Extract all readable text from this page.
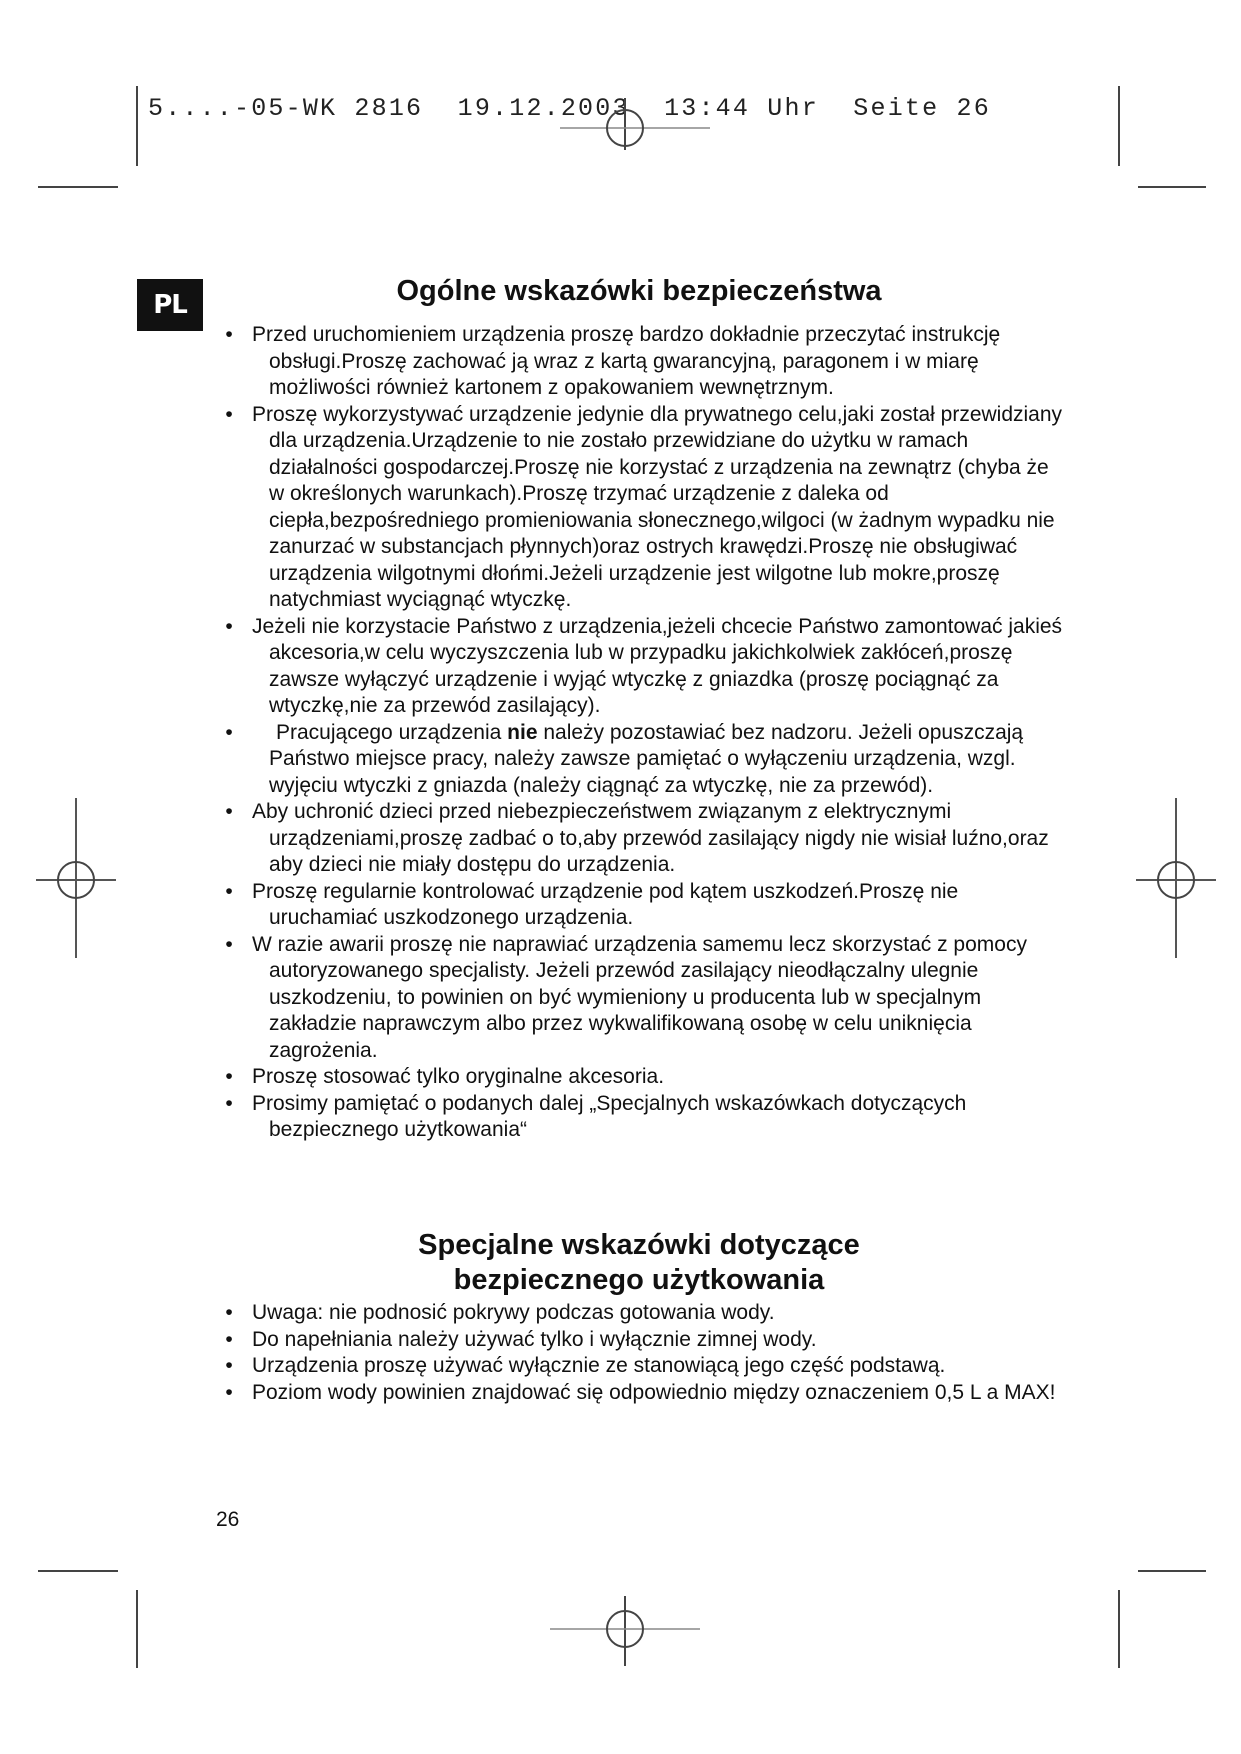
5....-05-WK 2816  19.12.2003  13:44 Uhr  Seite 26
PL	Ogólne wskazówki bezpieczeństwa
• Przed uruchomieniem urządzenia proszę bardzo dokładnie przeczytać instrukcję obsługi.Proszę zachować ją wraz z kartą gwarancyjną, paragonem i w miarę możliwości również kartonem z opakowaniem wewnętrznym.
• Proszę wykorzystywać urządzenie jedynie dla prywatnego celu,jaki został przewidziany dla urządzenia.Urządzenie to nie zostało przewidziane do użytku w ramach działalności gospodarczej.Proszę nie korzystać z urządzenia na zewnątrz (chyba że w określonych warunkach).Proszę trzymać urządzenie z daleka od ciepła,bezpośredniego promieniowania słonecznego,wilgoci (w żadnym wypadku nie zanurzać w substancjach płynnych)oraz ostrych krawędzi.Proszę nie obsługiwać urządzenia wilgotnymi dłońmi.Jeżeli urządzenie jest wilgotne lub mokre,proszę natychmiast wyciągnąć wtyczkę.
• Jeżeli nie korzystacie Państwo z urządzenia,jeżeli chcecie Państwo zamontować jakieś akcesoria,w celu wyczyszczenia lub w przypadku jakichkolwiek zakłóceń,proszę zawsze wyłączyć urządzenie i wyjąć wtyczkę z gniazdka (proszę pociągnąć za wtyczkę,nie za przewód zasilający).
•	Pracującego urządzenia nie należy pozostawiać bez nadzoru. Jeżeli opuszczają Państwo miejsce pracy, należy zawsze pamiętać o wyłączeniu urządzenia, wzgl. wyjęciu wtyczki z gniazda (należy ciągnąć za wtyczkę, nie za przewód).
• Aby uchronić dzieci przed niebezpieczeństwem związanym z elektrycznymi urządzeniami,proszę zadbać o to,aby przewód zasilający nigdy nie wisiał luźno,oraz aby dzieci nie miały dostępu do urządzenia.
• Proszę regularnie kontrolować urządzenie pod kątem uszkodzeń.Proszę nie uruchamiać uszkodzonego urządzenia.
• W razie awarii proszę nie naprawiać urządzenia samemu lecz skorzystać z pomocy autoryzowanego specjalisty. Jeżeli przewód zasilający nieodłączalny ulegnie uszkodzeniu, to powinien on być wymieniony u producenta lub w specjalnym zakładzie naprawczym albo przez wykwalifikowaną osobę w celu uniknięcia zagrożenia.
• Proszę stosować tylko oryginalne akcesoria.
• Prosimy pamiętać o podanych dalej „Specjalnych wskazówkach dotyczących bezpiecznego użytkowania“
Specjalne wskazówki dotyczące
bezpiecznego użytkowania
• Uwaga: nie podnosić pokrywy podczas gotowania wody.
• Do napełniania należy używać tylko i wyłącznie zimnej wody.
• Urządzenia proszę używać wyłącznie ze stanowiącą jego część podstawą.
• Poziom wody powinien znajdować się odpowiednio między oznaczeniem 0,5 L a MAX!
26
